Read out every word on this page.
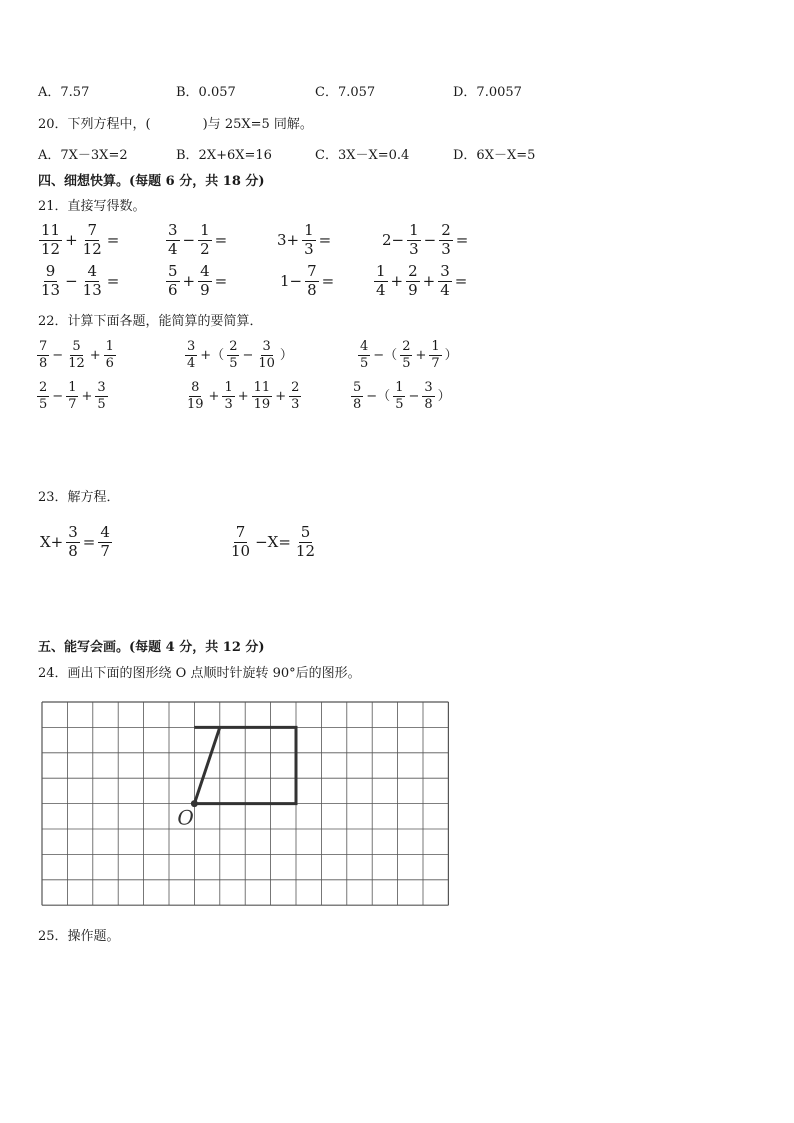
A．7.57	B．0.057	C．7.057	D．7.0057
20．下列方程中，(　　　　)与 25X=5 同解。
A．7X－3X=2	B．2X+6X=16	C．3X－X=0.4	D．6X－X=5
四、细想快算。(每题 6 分，共 18 分)
21．直接写得数。
$\frac{11}{12} + \frac{7}{12}$ =	$\frac{3}{4} - \frac{1}{2}$ =	$3+ \frac{1}{3}$ =	$2- \frac{1}{3} - \frac{2}{3}$ =
$\frac{9}{13} - \frac{4}{13}$ =	$\frac{5}{6} + \frac{4}{9}$ =	$1- \frac{7}{8}$ =	$\frac{1}{4} + \frac{2}{9} + \frac{3}{4}$ =
22．计算下面各题，能简算的要简算．
$\frac{7}{8} - \frac{5}{12} + \frac{1}{6}$	$\frac{3}{4}$ +（ $\frac{2}{5} - \frac{3}{10}$ ）	$\frac{4}{5}$ −（ $\frac{2}{5} + \frac{1}{7}$ ）
$\frac{2}{5} - \frac{1}{7} + \frac{3}{5}$	$\frac{8}{19} + \frac{1}{3} + \frac{11}{19} + \frac{2}{3}$	$\frac{5}{8}$ −（ $\frac{1}{5} - \frac{3}{8}$ ）
23．解方程．
$X+ \frac{3}{8} = \frac{4}{7}$	$\frac{7}{10} -X= \frac{5}{12}$
五、能写会画。(每题 4 分，共 12 分)
24．画出下面的图形绕 O 点顺时针旋转 90°后的图形。
O
25．操作题。
